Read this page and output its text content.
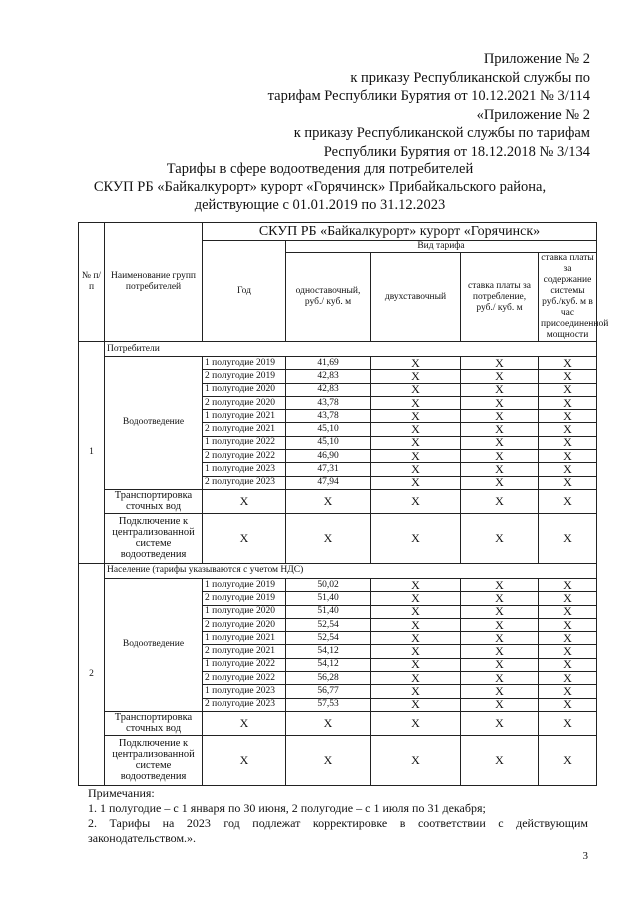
Приложение № 2
к приказу Республиканской службы по
тарифам Республики Бурятия от 10.12.2021 № 3/114
«Приложение № 2
к приказу Республиканской службы по тарифам
Республики Бурятия от 18.12.2018 № 3/134
Тарифы в сфере водоотведения для потребителей
СКУП РБ «Байкалкурорт» курорт «Горячинск» Прибайкальского района,
действующие с 01.01.2019 по 31.12.2023
№ п/п	Наименование групп потребителей	СКУП РБ «Байкалкурорт» курорт «Горячинск»				
		Год	Вид тарифа			
			одноставочный, руб./ куб. м	двухставочный	ставка платы за потребление, руб./ куб. м	ставка платы за содержание системы руб./куб. м в час присоединенной мощности
1	Потребители					
	Водоотведение	1 полугодие 2019	41,69	Х	Х	Х
		2 полугодие 2019	42,83	Х	Х	Х
		1 полугодие 2020	42,83	Х	Х	Х
		2 полугодие 2020	43,78	Х	Х	Х
		1 полугодие 2021	43,78	Х	Х	Х
		2 полугодие 2021	45,10	Х	Х	Х
		1 полугодие 2022	45,10	Х	Х	Х
		2 полугодие 2022	46,90	Х	Х	Х
		1 полугодие 2023	47,31	Х	Х	Х
		2 полугодие 2023	47,94	Х	Х	Х
	Транспортировка сточных вод	Х	Х	Х	Х	Х
	Подключение к централизованной системе водоотведения	Х	Х	Х	Х	Х
2	Население (тарифы указываются с учетом НДС)					
	Водоотведение	1 полугодие 2019	50,02	Х	Х	Х
		2 полугодие 2019	51,40	Х	Х	Х
		1 полугодие 2020	51,40	Х	Х	Х
		2 полугодие 2020	52,54	Х	Х	Х
		1 полугодие 2021	52,54	Х	Х	Х
		2 полугодие 2021	54,12	Х	Х	Х
		1 полугодие 2022	54,12	Х	Х	Х
		2 полугодие 2022	56,28	Х	Х	Х
		1 полугодие 2023	56,77	Х	Х	Х
		2 полугодие 2023	57,53	Х	Х	Х
	Транспортировка сточных вод	Х	Х	Х	Х	Х
	Подключение к централизованной системе водоотведения	Х	Х	Х	Х	Х

Примечания:

1. 1 полугодие – с 1 января по 30 июня, 2 полугодие – с 1 июля по 31 декабря;

2. Тарифы на 2023 год подлежат корректировке в соответствии с действующим законодательством.».

3
